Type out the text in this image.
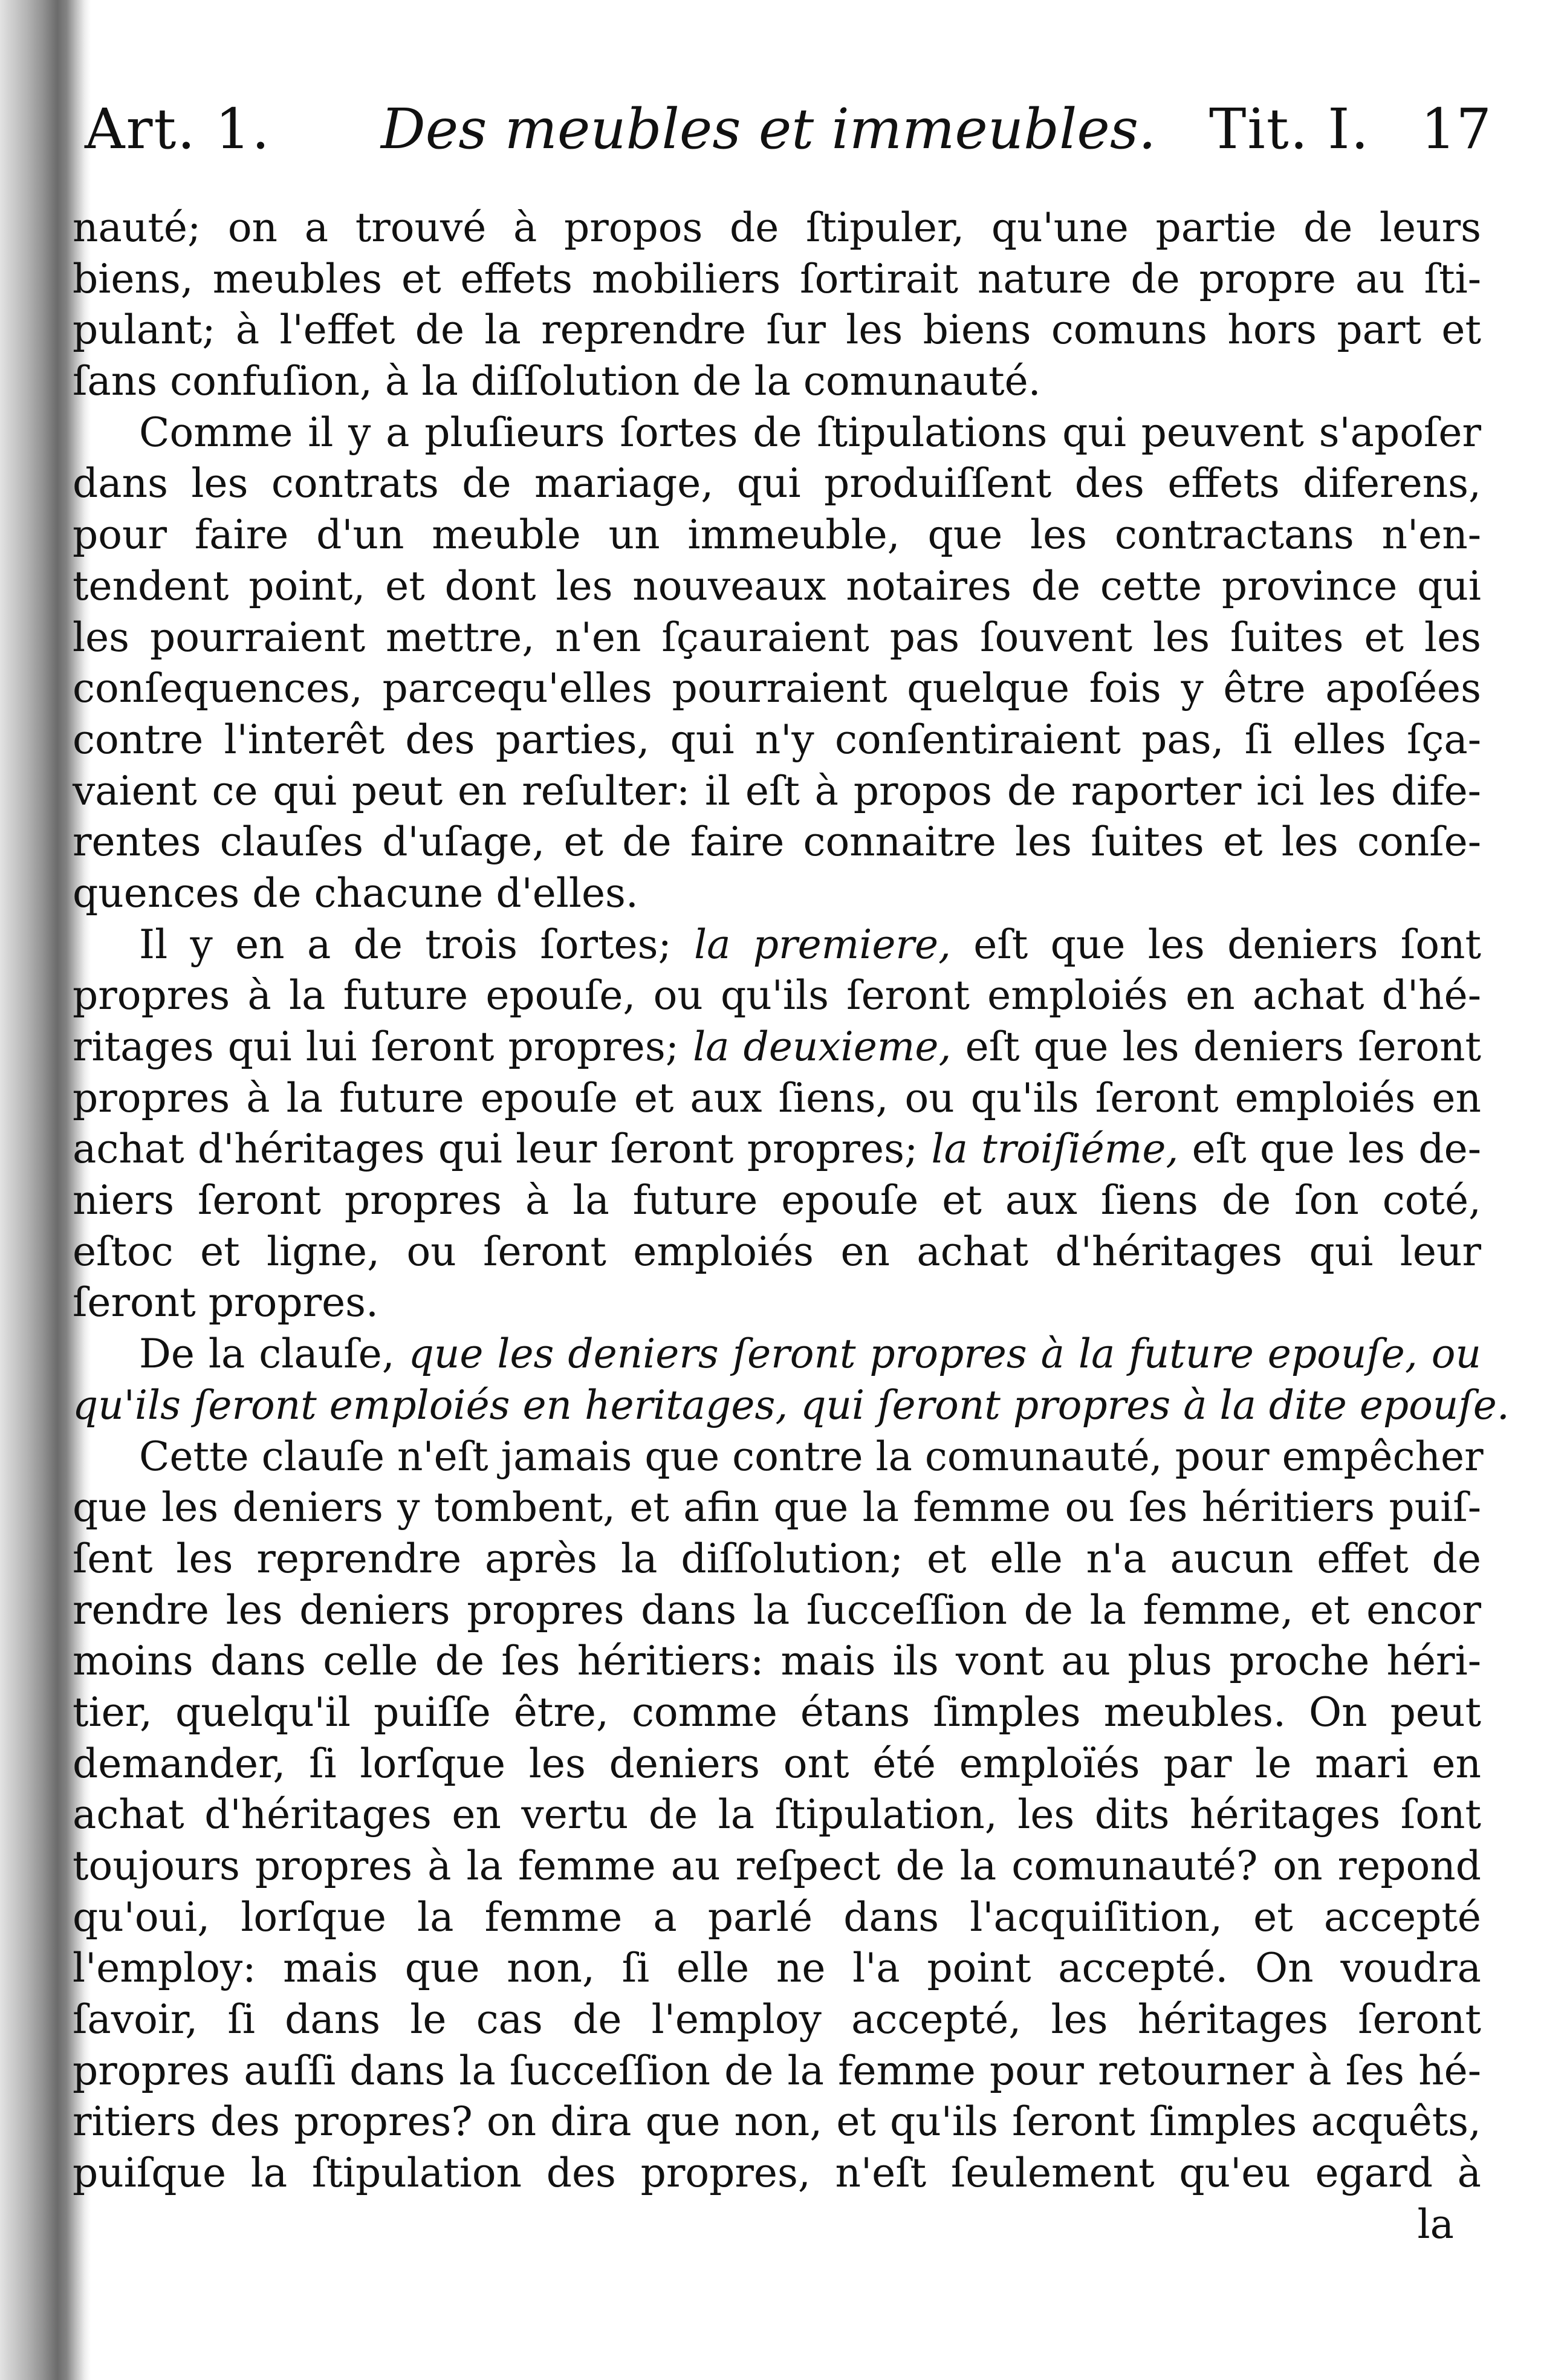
Art. 1. Des meubles et immeubles. Tit. I. 17
nauté; on a trouvé à propos de ſtipuler, qu'une partie de leurs
biens, meubles et effets mobiliers ſortirait nature de propre au ſti-
pulant; à l'effet de la reprendre ſur les biens comuns hors part et
ſans confuſion, à la diſſolution de la comunauté.
Comme il y a pluſieurs ſortes de ſtipulations qui peuvent s'apoſer
dans les contrats de mariage, qui produiſſent des effets diferens,
pour faire d'un meuble un immeuble, que les contractans n'en-
tendent point, et dont les nouveaux notaires de cette province qui
les pourraient mettre, n'en ſçauraient pas ſouvent les ſuites et les
conſequences, parcequ'elles pourraient quelque fois y être apoſées
contre l'interêt des parties, qui n'y conſentiraient pas, ſi elles ſça-
vaient ce qui peut en reſulter: il eſt à propos de raporter ici les dife-
rentes clauſes d'uſage, et de faire connaitre les ſuites et les conſe-
quences de chacune d'elles.
Il y en a de trois ſortes; la premiere, eſt que les deniers ſont
propres à la future epouſe, ou qu'ils ſeront emploiés en achat d'hé-
ritages qui lui ſeront propres; la deuxieme, eſt que les deniers ſeront
propres à la future epouſe et aux ſiens, ou qu'ils ſeront emploiés en
achat d'héritages qui leur ſeront propres; la troiſiéme, eſt que les de-
niers ſeront propres à la future epouſe et aux ſiens de ſon coté,
eſtoc et ligne, ou ſeront emploiés en achat d'héritages qui leur
ſeront propres.
De la clauſe, que les deniers ſeront propres à la future epouſe, ou
qu'ils ſeront emploiés en heritages, qui ſeront propres à la dite epouſe.
Cette clauſe n'eſt jamais que contre la comunauté, pour empêcher
que les deniers y tombent, et afin que la femme ou ſes héritiers puiſ-
ſent les reprendre après la diſſolution; et elle n'a aucun effet de
rendre les deniers propres dans la ſucceſſion de la femme, et encor
moins dans celle de ſes héritiers: mais ils vont au plus proche héri-
tier, quelqu'il puiſſe être, comme étans ſimples meubles. On peut
demander, ſi lorſque les deniers ont été emploïés par le mari en
achat d'héritages en vertu de la ſtipulation, les dits héritages ſont
toujours propres à la femme au reſpect de la comunauté? on repond
qu'oui, lorſque la femme a parlé dans l'acquiſition, et accepté
l'employ: mais que non, ſi elle ne l'a point accepté. On voudra
ſavoir, ſi dans le cas de l'employ accepté, les héritages ſeront
propres auſſi dans la ſucceſſion de la femme pour retourner à ſes hé-
ritiers des propres? on dira que non, et qu'ils ſeront ſimples acquêts,
puiſque la ſtipulation des propres, n'eſt ſeulement qu'eu egard à
la
